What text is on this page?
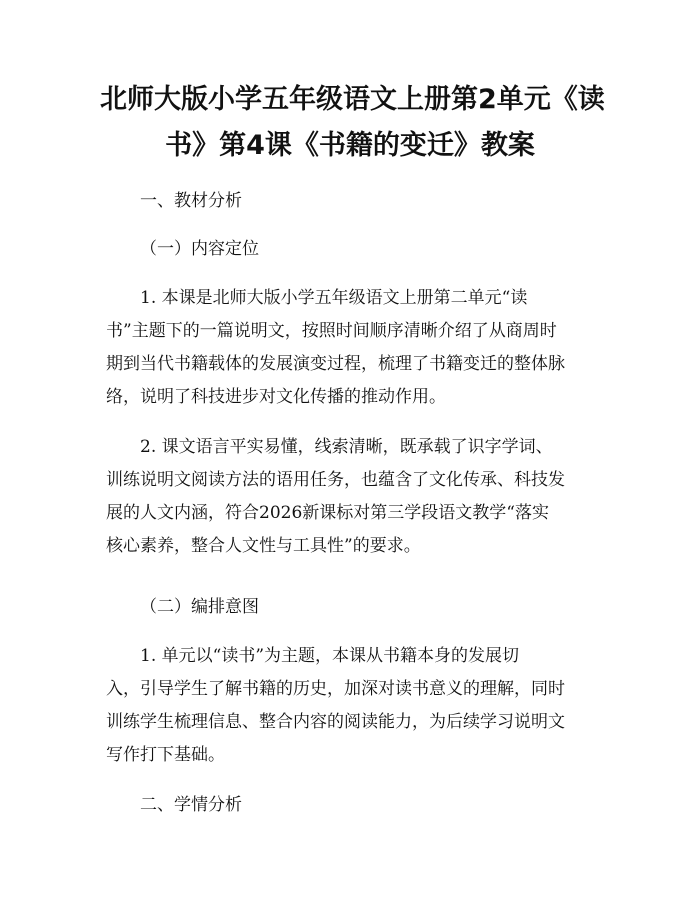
北师大版小学五年级语文上册第2单元《读
书》第4课《书籍的变迁》教案

一、教材分析

（一）内容定位

1. 本课是北师大版小学五年级语文上册第二单元“读

书”主题下的一篇说明文，按照时间顺序清晰介绍了从商周时

期到当代书籍载体的发展演变过程，梳理了书籍变迁的整体脉

络，说明了科技进步对文化传播的推动作用。

2. 课文语言平实易懂，线索清晰，既承载了识字学词、

训练说明文阅读方法的语用任务，也蕴含了文化传承、科技发

展的人文内涵，符合2026新课标对第三学段语文教学“落实

核心素养，整合人文性与工具性”的要求。

（二）编排意图

1. 单元以“读书”为主题，本课从书籍本身的发展切

入，引导学生了解书籍的历史，加深对读书意义的理解，同时

训练学生梳理信息、整合内容的阅读能力，为后续学习说明文

写作打下基础。

二、学情分析
